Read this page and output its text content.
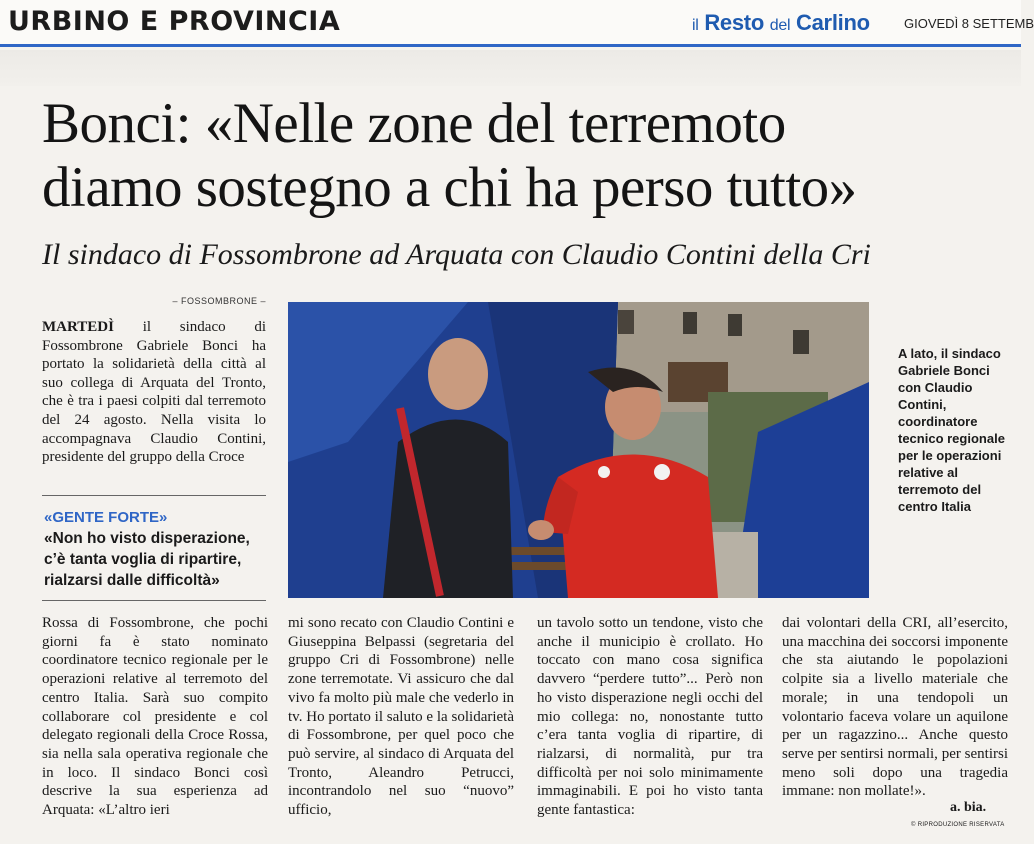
URBINO E PROVINCIA	il Resto del Carlino	GIOVEDÌ 8 SETTEMB
Bonci: «Nelle zone del terremoto
diamo sostegno a chi ha perso tutto»
Il sindaco di Fossombrone ad Arquata con Claudio Contini della Cri
– FOSSOMBRONE –
MARTEDÌ il sindaco di Fossombrone Gabriele Bonci ha portato la solidarietà della città al suo collega di Arquata del Tronto, che è tra i paesi colpiti dal terremoto del 24 agosto. Nella visita lo accompagnava Claudio Contini, presidente del gruppo della Croce
«GENTE FORTE»
«Non ho visto disperazione, c’è tanta voglia di ripartire, rialzarsi dalle difficoltà»
A lato, il sindaco Gabriele Bonci con Claudio Contini, coordinatore tecnico regionale per le operazioni relative al terremoto del centro Italia
Rossa di Fossombrone, che pochi giorni fa è stato nominato coordinatore tecnico regionale per le operazioni relative al terremoto del centro Italia. Sarà suo compito collaborare col presidente e col delegato regionali della Croce Rossa, sia nella sala operativa regionale che in loco. Il sindaco Bonci così descrive la sua esperienza ad Arquata: «L’altro ieri
mi sono recato con Claudio Contini e Giuseppina Belpassi (segretaria del gruppo Cri di Fossombrone) nelle zone terremotate. Vi assicuro che dal vivo fa molto più male che vederlo in tv. Ho portato il saluto e la solidarietà di Fossombrone, per quel poco che può servire, al sindaco di Arquata del Tronto, Aleandro Petrucci, incontrandolo nel suo “nuovo” ufficio,
un tavolo sotto un tendone, visto che anche il municipio è crollato. Ho toccato con mano cosa significa davvero “perdere tutto”... Però non ho visto disperazione negli occhi del mio collega: no, nonostante tutto c’era tanta voglia di ripartire, di rialzarsi, di normalità, pur tra difficoltà per noi solo minimamente immaginabili. E poi ho visto tanta gente fantastica:
dai volontari della CRI, all’esercito, una macchina dei soccorsi imponente che sta aiutando le popolazioni colpite sia a livello materiale che morale; in una tendopoli un volontario faceva volare un aquilone per un ragazzino... Anche questo serve per sentirsi normali, per sentirsi meno soli dopo una tragedia immane: non mollate!».
a. bia.
© RIPRODUZIONE RISERVATA
